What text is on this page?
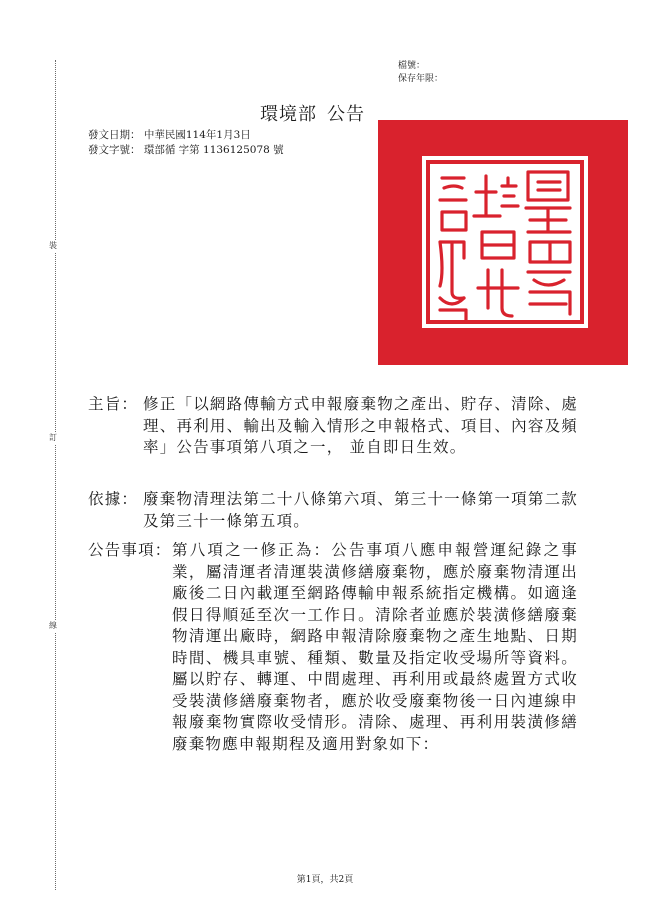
裝
訂
線
檔號：
保存年限：
環境部 公告
發文日期： 中華民國114年1月3日
發文字號： 環部循 字第 1136125078 號
主旨： 修正「以網路傳輸方式申報廢棄物之產出、貯存、清除、處理、再利用、輸出及輸入情形之申報格式、項目、內容及頻率」公告事項第八項之一， 並自即日生效。
依據： 廢棄物清理法第二十八條第六項、第三十一條第一項第二款及第三十一條第五項。
公告事項： 第八項之一修正為：公告事項八應申報營運紀錄之事業，屬清運者清運裝潢修繕廢棄物，應於廢棄物清運出廠後二日內載運至網路傳輸申報系統指定機構。如適逢假日得順延至次一工作日。清除者並應於裝潢修繕廢棄物清運出廠時，網路申報清除廢棄物之產生地點、日期時間、機具車號、種類、數量及指定收受場所等資料。屬以貯存、轉運、中間處理、再利用或最終處置方式收受裝潢修繕廢棄物者，應於收受廢棄物後一日內連線申報廢棄物實際收受情形。清除、處理、再利用裝潢修繕廢棄物應申報期程及適用對象如下：
第1頁，共2頁
